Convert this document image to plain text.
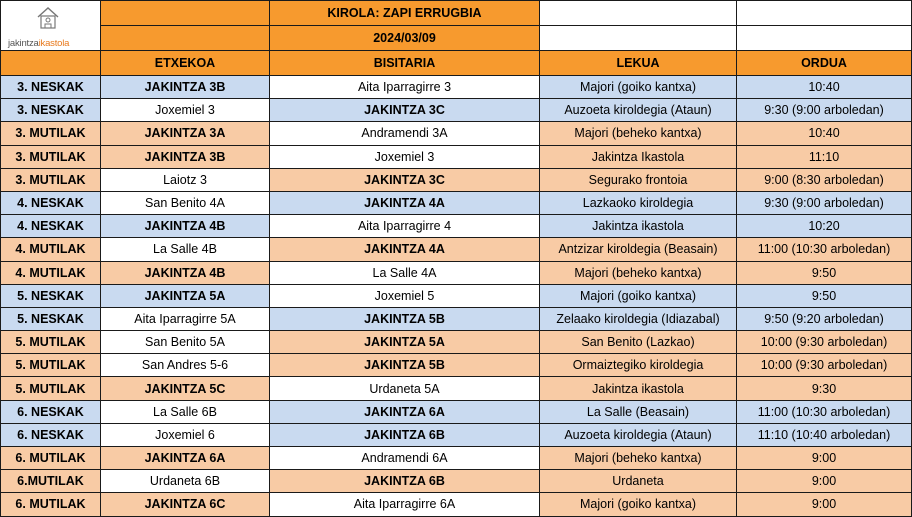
jakintzaikastola		KIROLA: ZAPI ERRUGBIA		
		2024/03/09		
	ETXEKOA	BISITARIA	LEKUA	ORDUA
3. NESKAK	JAKINTZA 3B	Aita Iparragirre 3	Majori (goiko kantxa)	10:40
3. NESKAK	Joxemiel 3	JAKINTZA 3C	Auzoeta kiroldegia (Ataun)	9:30 (9:00 arboledan)
3. MUTILAK	JAKINTZA 3A	Andramendi 3A	Majori (beheko kantxa)	10:40
3. MUTILAK	JAKINTZA 3B	Joxemiel 3	Jakintza Ikastola	11:10
3. MUTILAK	Laiotz 3	JAKINTZA 3C	Segurako frontoia	9:00 (8:30 arboledan)
4. NESKAK	San Benito 4A	JAKINTZA 4A	Lazkaoko kiroldegia	9:30 (9:00 arboledan)
4. NESKAK	JAKINTZA 4B	Aita Iparragirre 4	Jakintza ikastola	10:20
4. MUTILAK	La Salle 4B	JAKINTZA 4A	Antzizar kiroldegia (Beasain)	11:00 (10:30 arboledan)
4. MUTILAK	JAKINTZA 4B	La Salle 4A	Majori (beheko kantxa)	9:50
5. NESKAK	JAKINTZA 5A	Joxemiel 5	Majori (goiko kantxa)	9:50
5. NESKAK	Aita Iparragirre 5A	JAKINTZA 5B	Zelaako kiroldegia (Idiazabal)	9:50 (9:20 arboledan)
5. MUTILAK	San Benito 5A	JAKINTZA 5A	San Benito (Lazkao)	10:00 (9:30 arboledan)
5. MUTILAK	San Andres 5-6	JAKINTZA 5B	Ormaiztegiko kiroldegia	10:00 (9:30 arboledan)
5. MUTILAK	JAKINTZA 5C	Urdaneta 5A	Jakintza ikastola	9:30
6. NESKAK	La Salle 6B	JAKINTZA 6A	La Salle (Beasain)	11:00 (10:30 arboledan)
6. NESKAK	Joxemiel 6	JAKINTZA 6B	Auzoeta kiroldegia (Ataun)	11:10 (10:40 arboledan)
6. MUTILAK	JAKINTZA 6A	Andramendi 6A	Majori (beheko kantxa)	9:00
6.MUTILAK	Urdaneta 6B	JAKINTZA 6B	Urdaneta	9:00
6. MUTILAK	JAKINTZA 6C	Aita Iparragirre 6A	Majori (goiko kantxa)	9:00
